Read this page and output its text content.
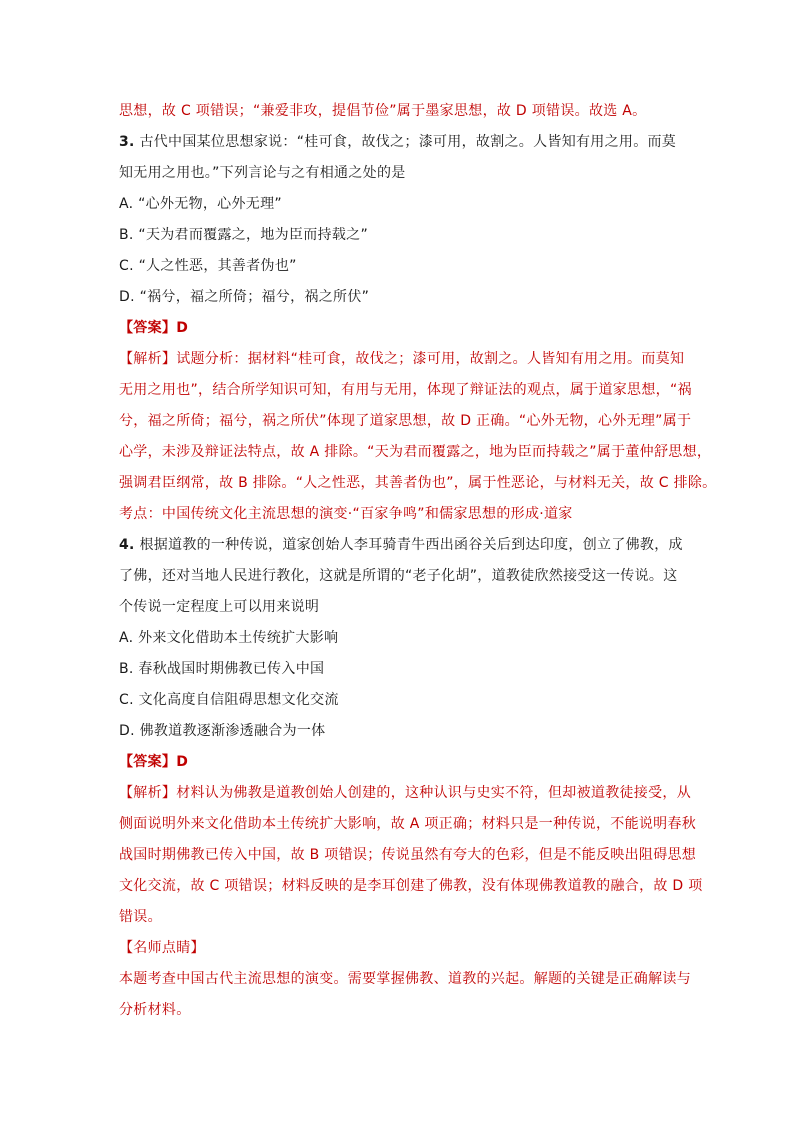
思想，故 C 项错误；“兼爱非攻，提倡节俭”属于墨家思想，故 D 项错误。故选 A。
3. 古代中国某位思想家说：“桂可食，故伐之；漆可用，故割之。人皆知有用之用。而莫
知无用之用也。”下列言论与之有相通之处的是
A. “心外无物，心外无理”
B. “天为君而覆露之，地为臣而持载之”
C. “人之性恶，其善者伪也”
D. “祸兮，福之所倚；福兮，祸之所伏”
【答案】D
【解析】试题分析：据材料“桂可食，故伐之；漆可用，故割之。人皆知有用之用。而莫知
无用之用也”，结合所学知识可知，有用与无用，体现了辩证法的观点，属于道家思想，“祸
兮，福之所倚；福兮，祸之所伏”体现了道家思想，故 D 正确。“心外无物，心外无理”属于
心学，未涉及辩证法特点，故 A 排除。“天为君而覆露之，地为臣而持载之”属于董仲舒思想，
强调君臣纲常，故 B 排除。“人之性恶，其善者伪也”，属于性恶论，与材料无关，故 C 排除。
考点：中国传统文化主流思想的演变·“百家争鸣”和儒家思想的形成·道家
4. 根据道教的一种传说，道家创始人李耳骑青牛西出函谷关后到达印度，创立了佛教，成
了佛，还对当地人民进行教化，这就是所谓的“老子化胡”，道教徒欣然接受这一传说。这
个传说一定程度上可以用来说明
A. 外来文化借助本土传统扩大影响
B. 春秋战国时期佛教已传入中国
C. 文化高度自信阻碍思想文化交流
D. 佛教道教逐渐渗透融合为一体
【答案】D
【解析】材料认为佛教是道教创始人创建的，这种认识与史实不符，但却被道教徒接受，从
侧面说明外来文化借助本土传统扩大影响，故 A 项正确；材料只是一种传说，不能说明春秋
战国时期佛教已传入中国，故 B 项错误；传说虽然有夸大的色彩，但是不能反映出阻碍思想
文化交流，故 C 项错误；材料反映的是李耳创建了佛教，没有体现佛教道教的融合，故 D 项
错误。
【名师点睛】
本题考查中国古代主流思想的演变。需要掌握佛教、道教的兴起。解题的关键是正确解读与
分析材料。
